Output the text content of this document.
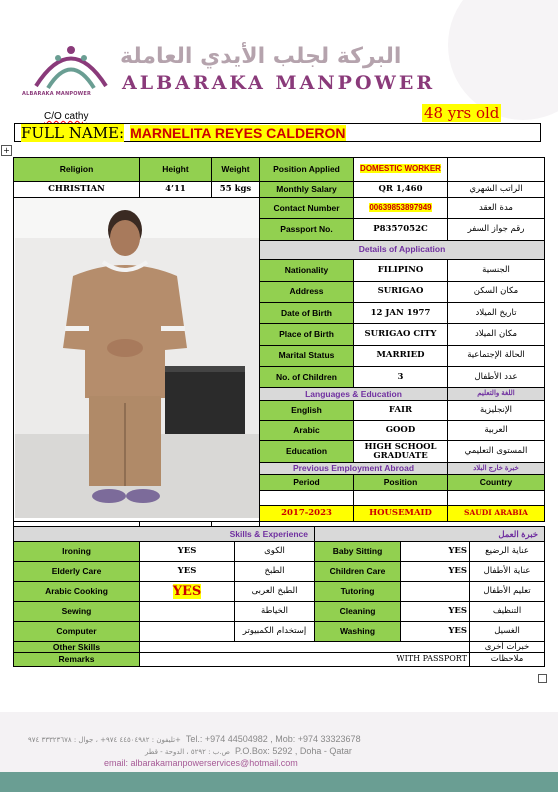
ALBARAKA MANPOWER
البركة لجلب الأيدي العاملة
ALBARAKA MANPOWER
C/O cathy	48 yrs old
FULL NAME: MARNELITA REYES CALDERON
+
Religion	Height	Weight	Position Applied	DOMESTIC WORKER	
CHRISTIAN	4’11	55 kgs	Monthly Salary	QR 1,460	الراتب الشهري
	Contact Number	00639853897949	مدة العقد
			Passport No.	P8357052C	رقم جواز السفر
			Details of Application		
			Nationality	FILIPINO	الجنسية
			Address	SURIGAO	مكان السكن
			Date of Birth	12 JAN 1977	تاريخ الميلاد
			Place of Birth	SURIGAO CITY	مكان الميلاد
			Marital Status	MARRIED	الحالة الإجتماعية
			No. of Children	3	عدد الأطفال
			Languages & Education		اللغة والتعليم
			English	FAIR	الإنجليزية
			Arabic	GOOD	العربية
			Education	HIGH SCHOOL GRADUATE	المستوى التعليمي
			Previous Employment Abroad		خبرة خارج البلاد
			Period	Position	Country

			2017-2023	HOUSEMAID	SAUDI ARABIA

Skills & Experience			خبرة العمل		
Ironing	YES	الكوى	Baby Sitting	YES	عناية الرضيع
Elderly Care	YES	الطبخ	Children Care	YES	عناية الأطفال
Arabic Cooking	YES	الطبخ العربى	Tutoring		تعليم الأطفال
Sewing		الخياطة	Cleaning	YES	التنظيف
Computer		إستخدام الكمبيوتر	Washing	YES	الغسيل
Other Skills					خبرات أخرى
Remarks	WITH PASSPORT				ملاحظات
تليفون : ٤٤٥٠٤٩٨٢ ٩٧٤+ ، جوال : ٣٣٣٢٣٦٧٨ ٩٧٤+ Tel.: +974 44504982 , Mob: +974 33323678
ص.ب : ٥٢٩٢ ، الدوحة - قطر P.O.Box: 5292 , Doha - Qatar
email: albarakamanpowerservices@hotmail.com
